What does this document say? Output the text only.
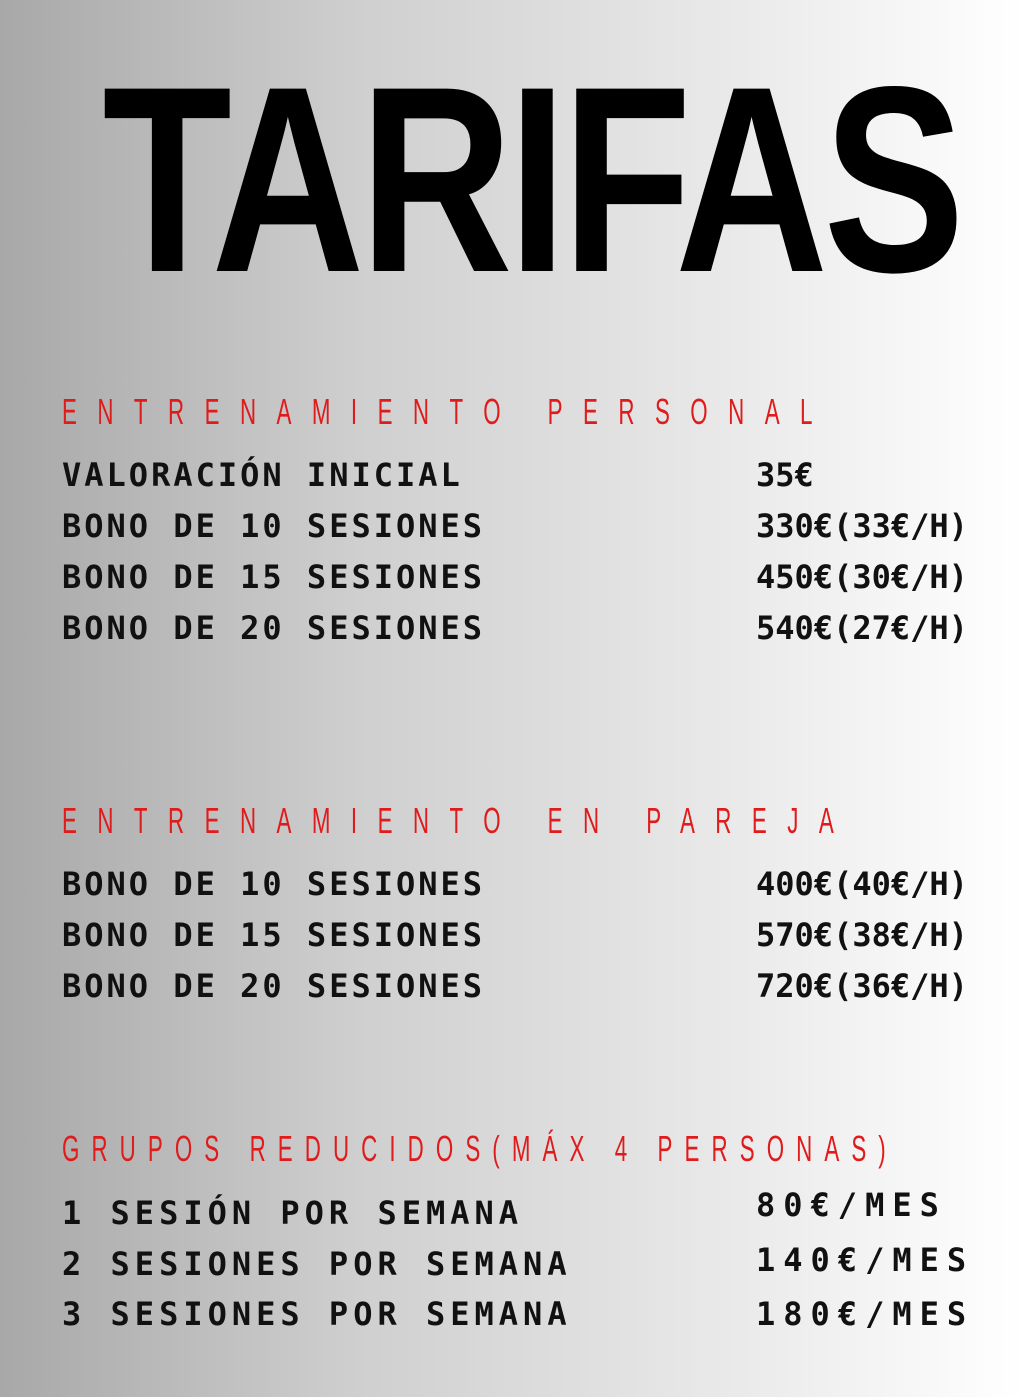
TARIFAS
ENTRENAMIENTO PERSONAL
VALORACIÓN INICIAL	35€
BONO DE 10 SESIONES	330€(33€/H)
BONO DE 15 SESIONES	450€(30€/H)
BONO DE 20 SESIONES	540€(27€/H)
ENTRENAMIENTO EN PAREJA
BONO DE 10 SESIONES	400€(40€/H)
BONO DE 15 SESIONES	570€(38€/H)
BONO DE 20 SESIONES	720€(36€/H)
GRUPOS REDUCIDOS(MÁX 4 PERSONAS)
1 SESIÓN POR SEMANA	80€/MES
2 SESIONES POR SEMANA	140€/MES
3 SESIONES POR SEMANA	180€/MES
